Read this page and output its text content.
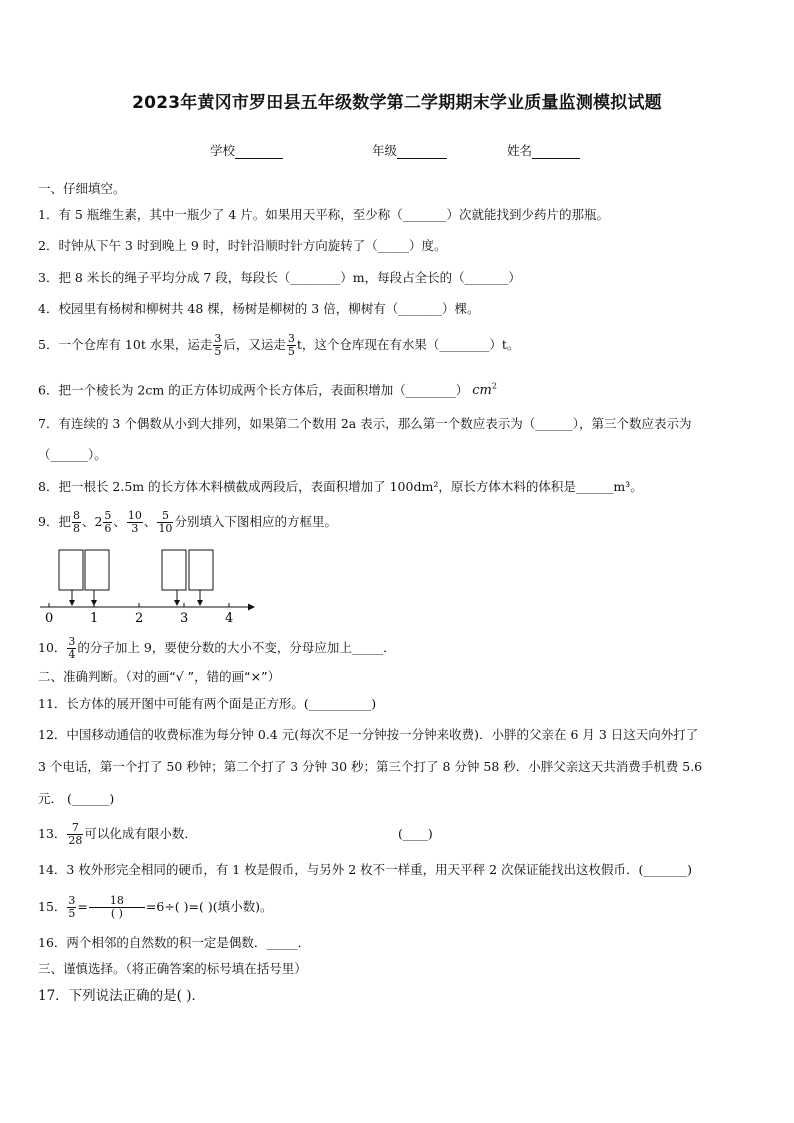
2023年黄冈市罗田县五年级数学第二学期期末学业质量监测模拟试题
学校	年级	姓名
一、仔细填空。
1．有 5 瓶维生素，其中一瓶少了 4 片。如果用天平称，至少称（_______）次就能找到少药片的那瓶。
2．时钟从下午 3 时到晚上 9 时，时针沿顺时针方向旋转了（_____）度。
3．把 8 米长的绳子平均分成 7 段，每段长（________）m，每段占全长的（_______）
4．校园里有杨树和柳树共 48 棵，杨树是柳树的 3 倍，柳树有（_______）棵。
5．一个仓库有 10t 水果，运走 $\frac{3}{5}$ 后，又运走 $\frac{3}{5}$ t，这个仓库现在有水果（________）t。
6．把一个棱长为 2cm 的正方体切成两个长方体后，表面积增加（________） $cm^2$
7．有连续的 3 个偶数从小到大排列，如果第二个数用 2a 表示，那么第一个数应表示为（______），第三个数应表示为
（______）。
8．把一根长 2.5m 的长方体木料横截成两段后，表面积增加了 100dm²，原长方体木料的体积是______m³。
9．把 $\frac{8}{8}$ 、$2 \frac{5}{6}$ 、 $\frac{10}{3}$ 、 $\frac{5}{10}$ 分别填入下图相应的方框里。
0	1	2	3	4
10． $\frac{3}{4}$ 的分子加上 9，要使分数的大小不变，分母应加上_____．
二、准确判断。（对的画“√ ”，错的画“×”）
11．长方体的展开图中可能有两个面是正方形。(__________)
12．中国移动通信的收费标准为每分钟 0.4 元(每次不足一分钟按一分钟来收费)．小胖的父亲在 6 月 3 日这天向外打了
3 个电话，第一个打了 50 秒钟；第二个打了 3 分钟 30 秒；第三个打了 8 分钟 58 秒．小胖父亲这天共消费手机费 5.6
元． (______)
13． $\frac{7}{28}$ 可以化成有限小数．	(____)
14．3 枚外形完全相同的硬币，有 1 枚是假币，与另外 2 枚不一样重，用天平秤 2 次保证能找出这枚假币．(_______)
15． $\frac{3}{5} = \frac{18}{( )} =6\div$( )=( )(填小数)。
16．两个相邻的自然数的积一定是偶数．_____．
三、谨慎选择。（将正确答案的标号填在括号里）
17．下列说法正确的是( )．
